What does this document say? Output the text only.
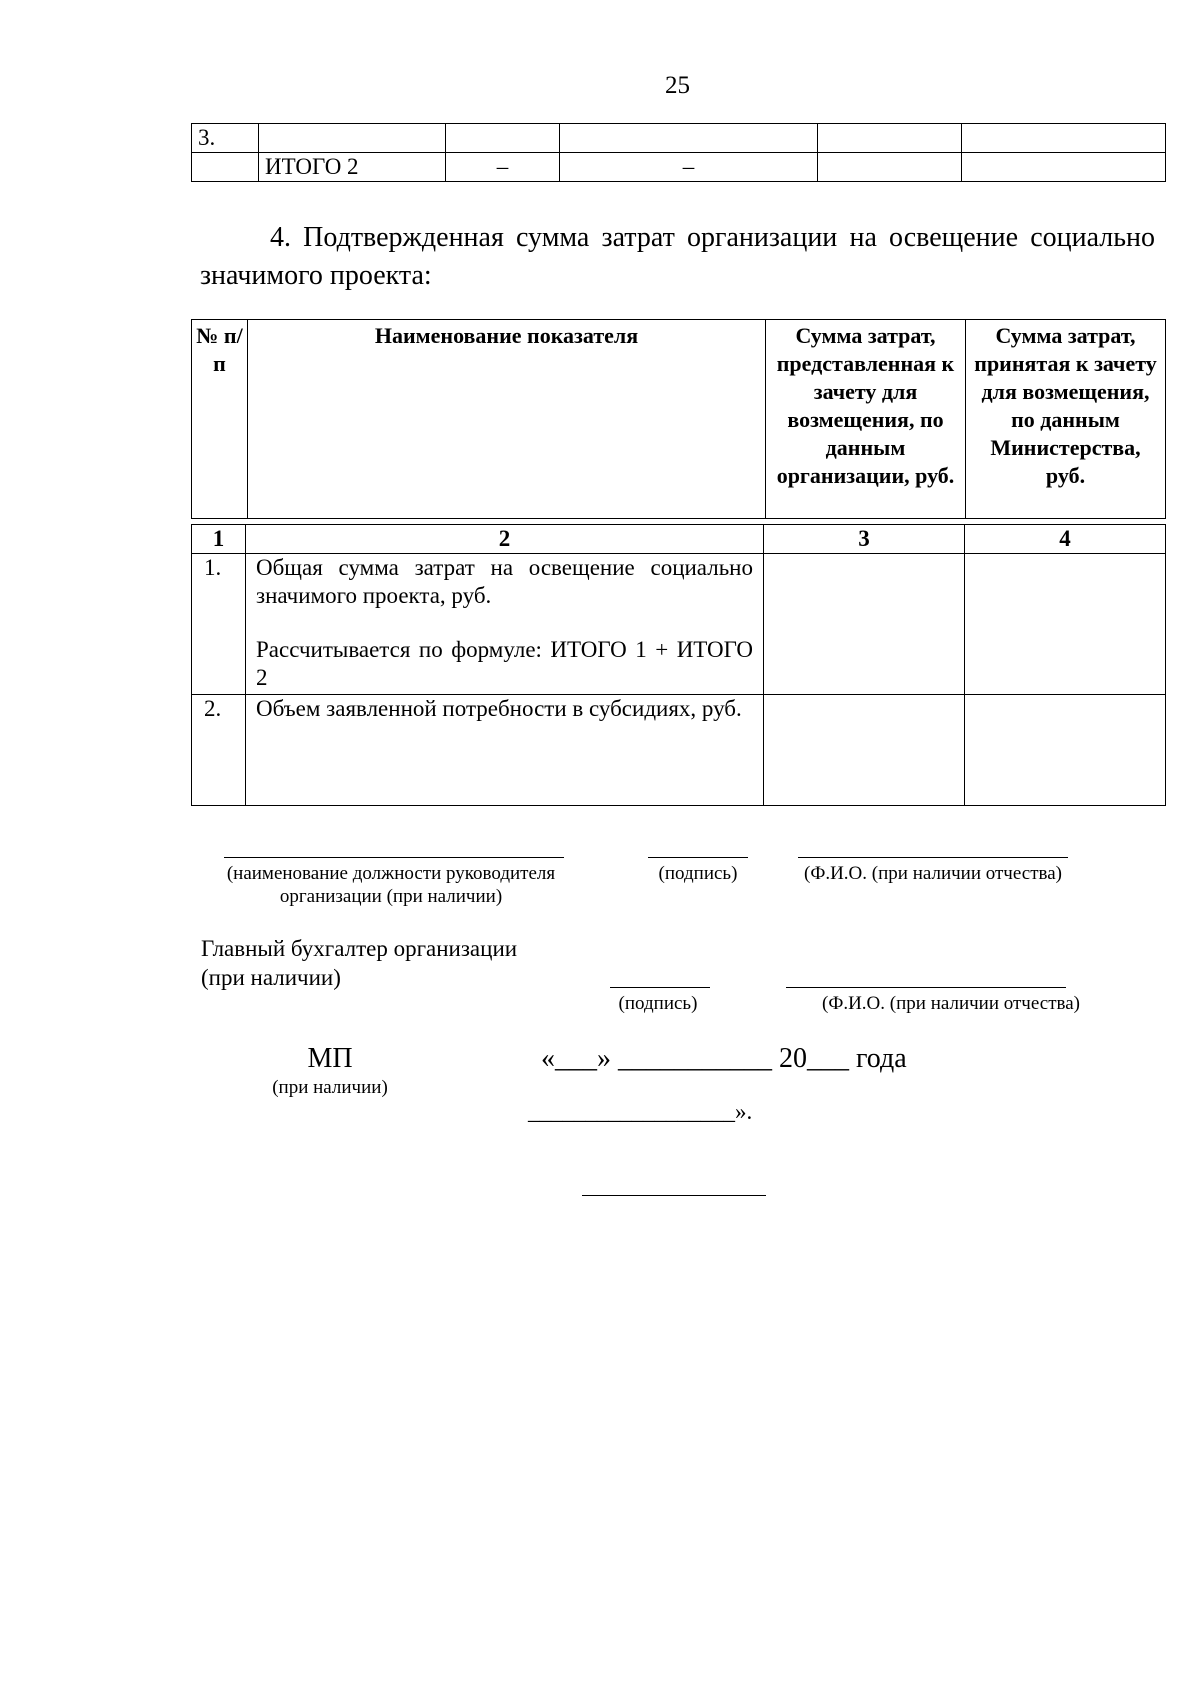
25
3.					
	ИТОГО 2	–	–		
4. Подтвержденная сумма затрат организации на освещение социально значимого проекта:
№ п/п	Наименование показателя	Сумма затрат, представленная к зачету для возмещения, по данным организации, руб.	Сумма затрат, принятая к зачету для возмещения, по данным Министерства, руб.
1	2	3	4
1.	Общая сумма затрат на освещение социально значимого проекта, руб.
Рассчитывается по формуле: ИТОГО 1 + ИТОГО 2		
2.	Объем заявленной потребности в субсидиях, руб.		
(наименование должности руководителя организации (при наличии)
(подпись)	(Ф.И.О. (при наличии отчества)
Главный бухгалтер организации
(при наличии)
(подпись)	(Ф.И.О. (при наличии отчества)
МП
(при наличии)
«___» ___________ 20___ года
__________________».
